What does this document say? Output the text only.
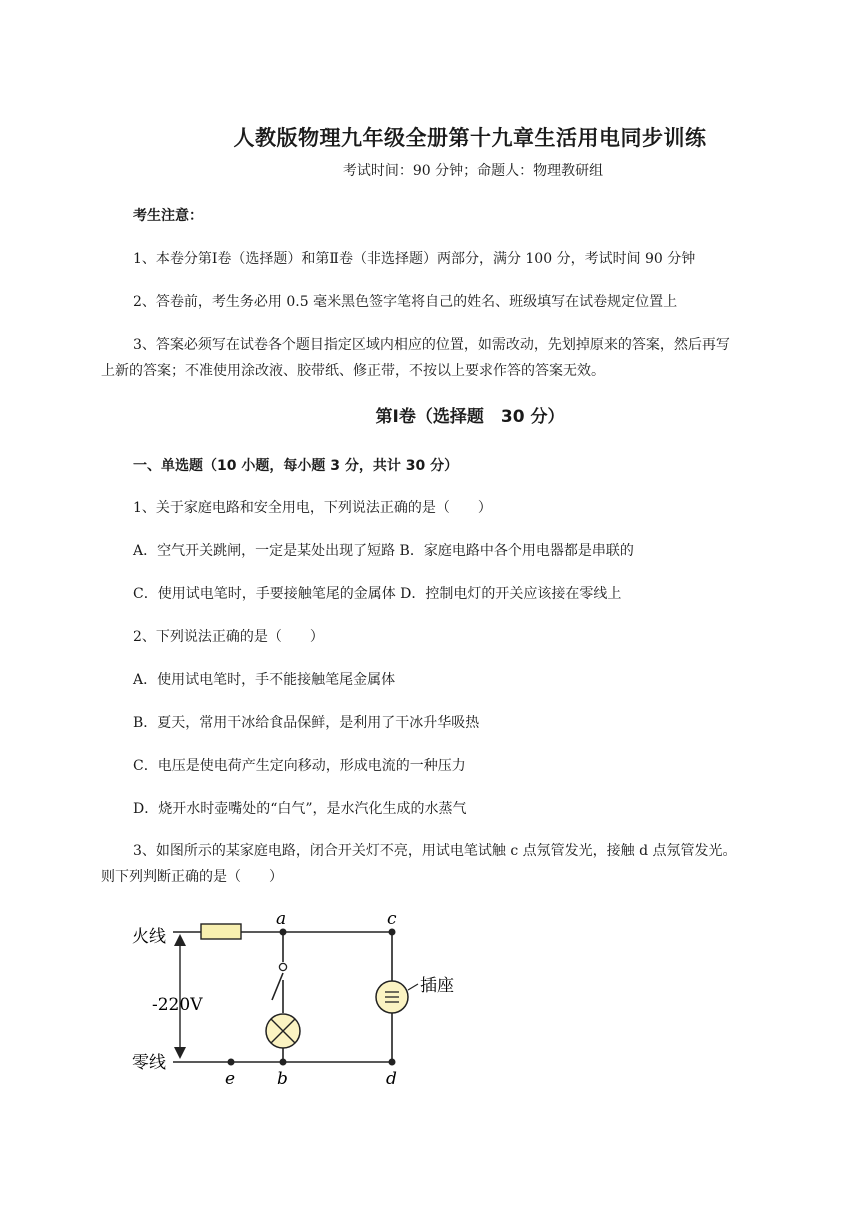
人教版物理九年级全册第十九章生活用电同步训练
考试时间：90 分钟；命题人：物理教研组
考生注意：
1、本卷分第Ⅰ卷（选择题）和第Ⅱ卷（非选择题）两部分，满分 100 分，考试时间 90 分钟
2、答卷前，考生务必用 0.5 毫米黑色签字笔将自己的姓名、班级填写在试卷规定位置上
3、答案必须写在试卷各个题目指定区域内相应的位置，如需改动，先划掉原来的答案，然后再写
上新的答案；不准使用涂改液、胶带纸、修正带，不按以上要求作答的答案无效。
第Ⅰ卷（选择题　30 分）
一、单选题（10 小题，每小题 3 分，共计 30 分）
1、关于家庭电路和安全用电，下列说法正确的是（　　）
A．空气开关跳闸，一定是某处出现了短路 B．家庭电路中各个用电器都是串联的
C．使用试电笔时，手要接触笔尾的金属体 D．控制电灯的开关应该接在零线上
2、下列说法正确的是（　　）
A．使用试电笔时，手不能接触笔尾金属体
B．夏天，常用干冰给食品保鲜，是利用了干冰升华吸热
C．电压是使电荷产生定向移动，形成电流的一种压力
D．烧开水时壶嘴处的“白气”，是水汽化生成的水蒸气
3、如图所示的某家庭电路，闭合开关灯不亮，用试电笔试触 c 点氖管发光，接触 d 点氖管发光。
则下列判断正确的是（　　）
火线
零线
-220V
插座
a	c
e b	d
